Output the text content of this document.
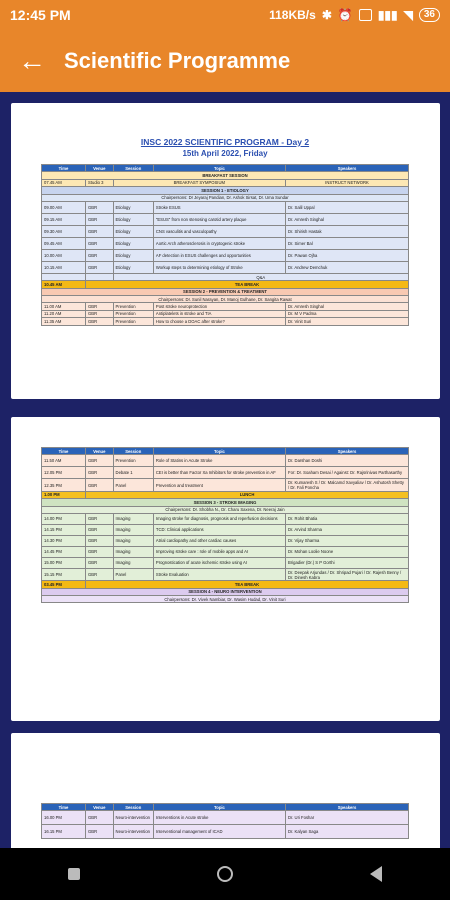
12:45 PM	118KB/s ✱ ⏰ ▮▮▮ ◥	36
← Scientific Programme
INSC 2022 SCIENTIFIC PROGRAM - Day 2
15th April 2022, Friday
Time	Venue	Session	Topic	Speakers
BREAKFAST SESSION				
07.45 AM	Studio 3	BREAKFAST SYMPOSIUM		INSTRUCT NETWORK
SESSION 1 - ETIOLOGY				
Chairpersons: Dr Jeyaraj Pandian, Dr. Ashok Sirsat, Dr. Uma Sundar				
09.00 AM	GBR	Etiology	Stroke ESUS	Dr. Salil Uppal
09.15 AM	GBR	Etiology	"ESUS" from non stenosing carotid artery plaque	Dr. Amresh Singhal
09.30 AM	GBR	Etiology	CNS vasculitis and vasculopathy	Dr. Shirish Hastak
09.45 AM	GBR	Etiology	Aortic Arch atherosclerosis in cryptogenic stroke	Dr. Simer Bal
10.00 AM	GBR	Etiology	AF detection in ESUS challenges and opportunities	Dr. Pawan Ojha
10.15 AM	GBR	Etiology	Workup steps to determining etiology of Stroke	Dr. Andrew Demchuk
		Q&A		
10.45 AM	TEA BREAK			
SESSION 2 - PREVENTION & TREATMENT				
Chairpersons: Dr. Sunil Narayan, Dr. Manoj Gulhane, Dr. Sangita Rawat				
11.00 AM	GBR	Prevention	Post stroke neuroprotection	Dr. Amresh Singhal
11.20 AM	GBR	Prevention	Antiplatelets in stroke and TIA	Dr. M V Padma
11.35 AM	GBR	Prevention	How to choose a DOAC after stroke?	Dr. Vinit Suri
Time	Venue	Session	Topic	Speakers
11.50 AM	GBR	Prevention	Role of Statins in Acute Stroke	Dr. Darshan Doshi
12.05 PM	GBR	Debate 1	CEI is better than Factor Xa Inhibitors for stroke prevention in AF	For: Dr. Soaham Desai / Against: Dr. Rajsrinivas Parthasarthy
12.35 PM	GBR	Panel	Prevention and treatment	Dr. Kumaresh S / Dr. Malcamd Xavyaliav / Dr. Ashutosh Shetty / Dr. Fali Poncha
1.00 PM	LUNCH			
SESSION 3 - STROKE IMAGING				
Chairpersons: Dr. Shobha N., Dr. Charu Saxena, Dr. Neeraj Jain				
14.00 PM	GBR	Imaging	Imaging stroke for diagnosis, prognosis and reperfusion decisions	Dr. Rohit Bhatia
14.15 PM	GBR	Imaging	TCD: Clinical applications	Dr. Arvind Sharma
14.30 PM	GBR	Imaging	Atrial cardiopathy and other cardiac causes	Dr. Vijay Sharma
14.45 PM	GBR	Imaging	Improving stroke care : role of mobile apps and AI	Dr. Mohan Loolie Noone
15.00 PM	GBR	Imaging	Prognostication of acute ischemic stroke using AI	Brigadier (Dr.) S P Gorthi
15.15 PM	GBR	Panel	Stroke Evaluation	Dr. Deepak Arjundas / Dr. Shripad Pujari / Dr. Rajesh Benny / Dr. Dinesh Kabra
03.45 PM	TEA BREAK			
SESSION 4 - NEURO INTERVENTION				
Chairpersons: Dr. Vivek Nambiar, Dr. Wasim Hudad, Dr. Vinit Suri				
Time	Venue	Session	Topic	Speakers
16.00 PM	GBR	Neuro-intervention	Interventions in Acute stroke	Dr. Uri Foshar
16.15 PM	GBR	Neuro-intervention	Interventional management of ICAD	Dr. Kalyan Saga
